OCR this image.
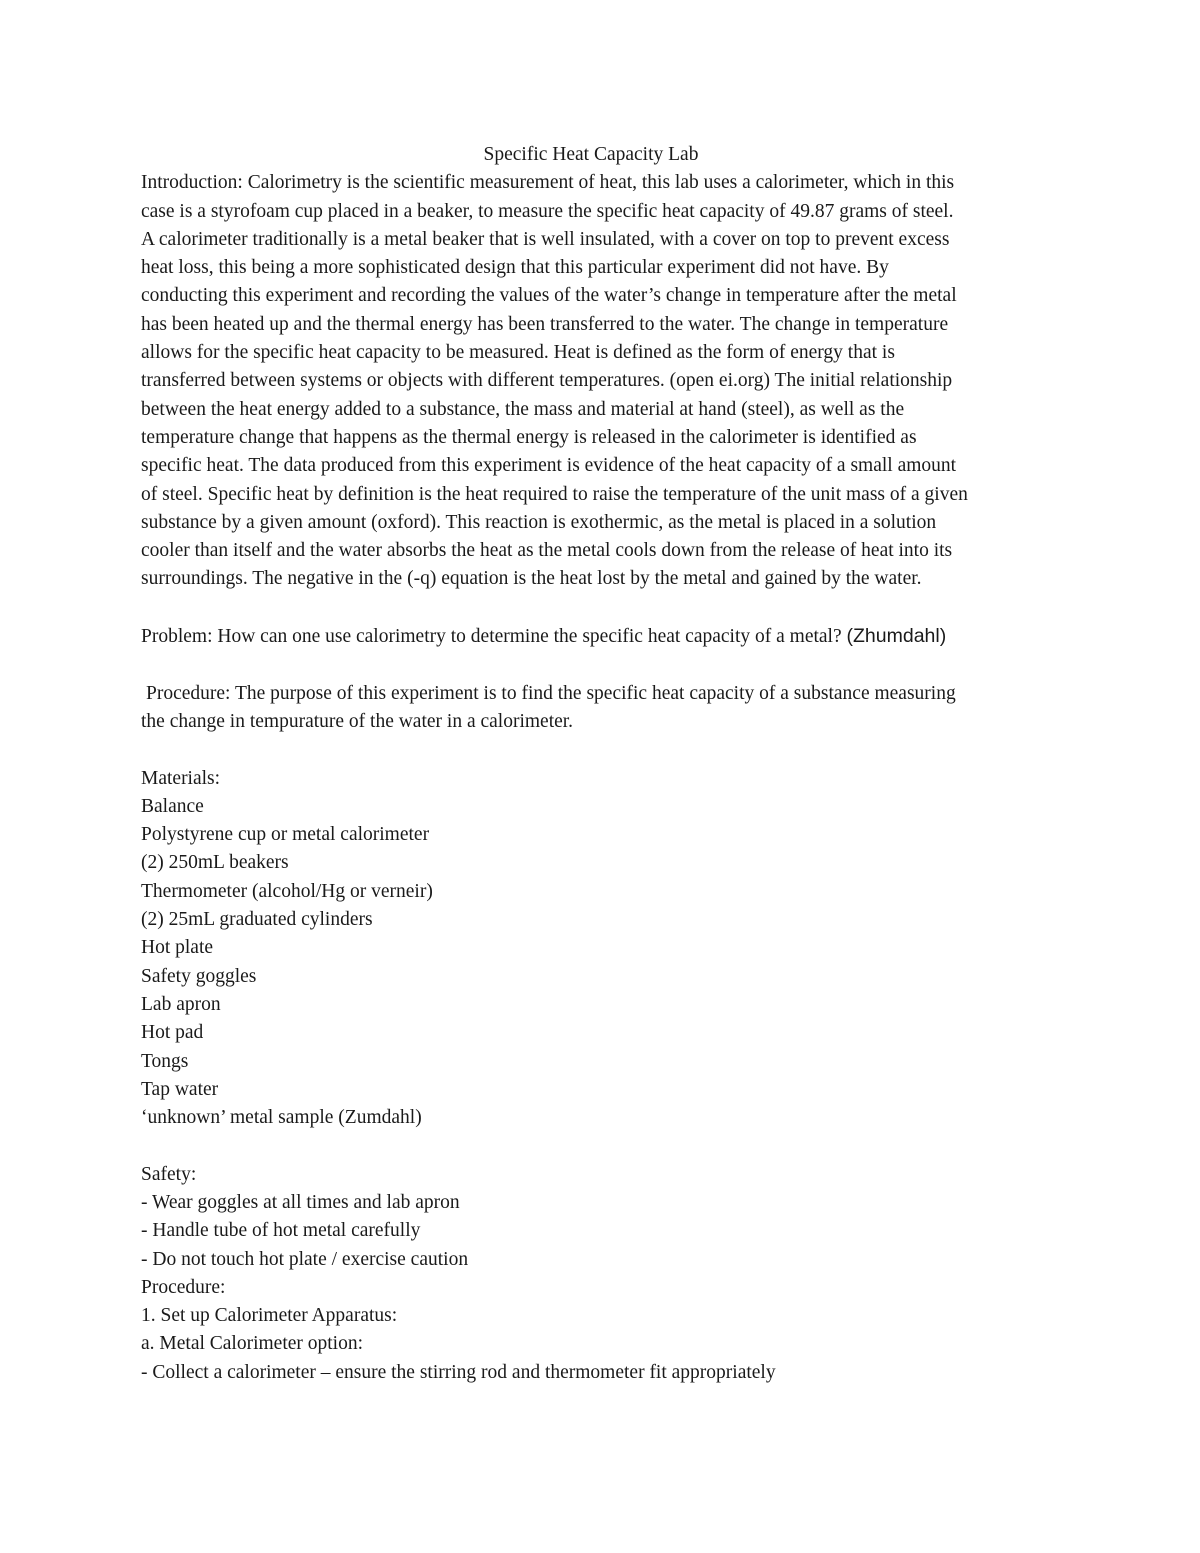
Specific Heat Capacity Lab

Introduction: Calorimetry is the scientific measurement of heat, this lab uses a calorimeter, which in this
case is a styrofoam cup placed in a beaker, to measure the specific heat capacity of 49.87 grams of steel.
A calorimeter traditionally is a metal beaker that is well insulated, with a cover on top to prevent excess
heat loss, this being a more sophisticated design that this particular experiment did not have. By
conducting this experiment and recording the values of the water’s change in temperature after the metal
has been heated up and the thermal energy has been transferred to the water. The change in temperature
allows for the specific heat capacity to be measured. Heat is defined as the form of energy that is
transferred between systems or objects with different temperatures. (open ei.org) The initial relationship
between the heat energy added to a substance, the mass and material at hand (steel), as well as the
temperature change that happens as the thermal energy is released in the calorimeter is identified as
specific heat. The data produced from this experiment is evidence of the heat capacity of a small amount
of steel. Specific heat by definition is the heat required to raise the temperature of the unit mass of a given
substance by a given amount (oxford). This reaction is exothermic, as the metal is placed in a solution
cooler than itself and the water absorbs the heat as the metal cools down from the release of heat into its
surroundings. The negative in the (-q) equation is the heat lost by the metal and gained by the water.

Problem: How can one use calorimetry to determine the specific heat capacity of a metal? (Zhumdahl)

Procedure: The purpose of this experiment is to find the specific heat capacity of a substance measuring
the change in tempurature of the water in a calorimeter.
Materials:
Balance
Polystyrene cup or metal calorimeter
(2) 250mL beakers
Thermometer (alcohol/Hg or verneir)
(2) 25mL graduated cylinders
Hot plate
Safety goggles
Lab apron
Hot pad
Tongs
Tap water
‘unknown’ metal sample (Zumdahl)
Safety:
- Wear goggles at all times and lab apron
- Handle tube of hot metal carefully
- Do not touch hot plate / exercise caution
Procedure:
1. Set up Calorimeter Apparatus:
a. Metal Calorimeter option:
- Collect a calorimeter – ensure the stirring rod and thermometer fit appropriately
